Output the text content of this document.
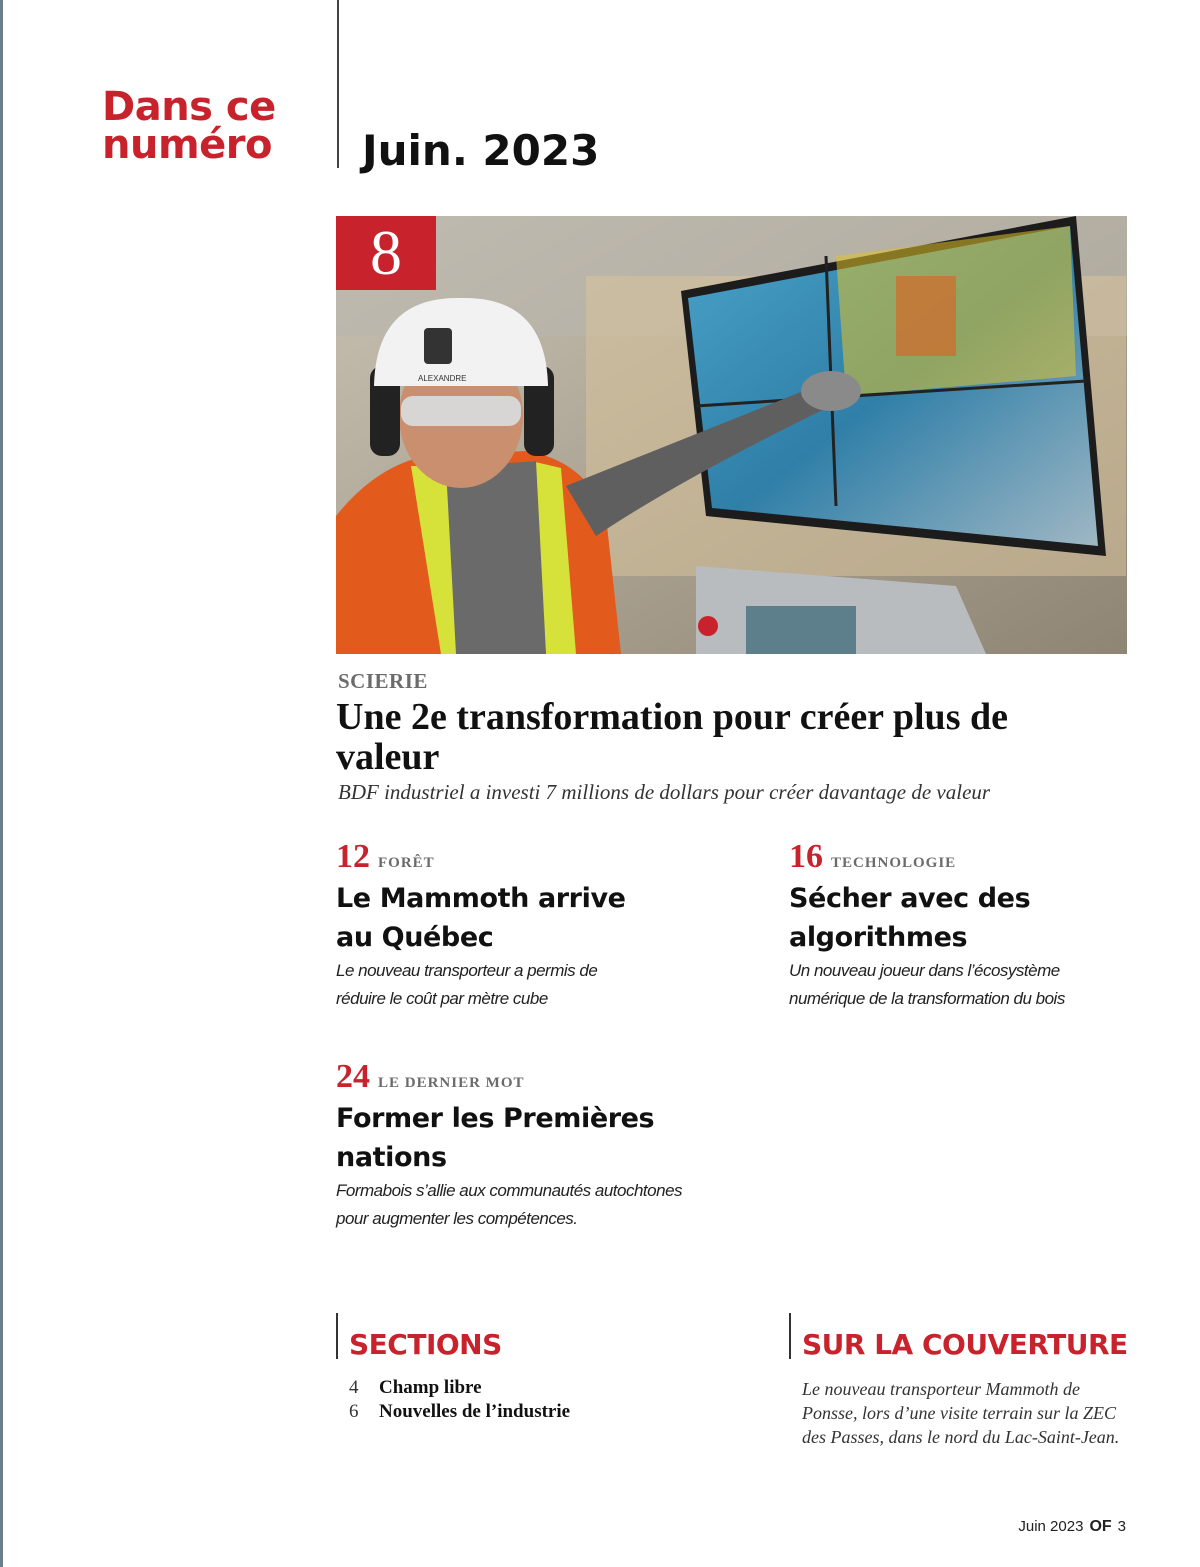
Dans ce numéro	Juin. 2023
ALEXANDRE
8
SCIERIE
Une 2e transformation pour créer plus de valeur
BDF industriel a investi 7 millions de dollars pour créer davantage de valeur
12 FORÊT
Le Mammoth arrive au Québec
Le nouveau transporteur a permis de réduire le coût par mètre cube
16 TECHNOLOGIE
Sécher avec des algorithmes
Un nouveau joueur dans l’écosystème numérique de la transformation du bois
24 LE DERNIER MOT
Former les Premières nations
Formabois s’allie aux communautés autochtones pour augmenter les compétences.
SECTIONS
4	Champ libre
6	Nouvelles de l’industrie
SUR LA COUVERTURE
Le nouveau transporteur Mammoth de Ponsse, lors d’une visite terrain sur la ZEC des Passes, dans le nord du Lac-Saint-Jean.
Juin 2023 OF 3
